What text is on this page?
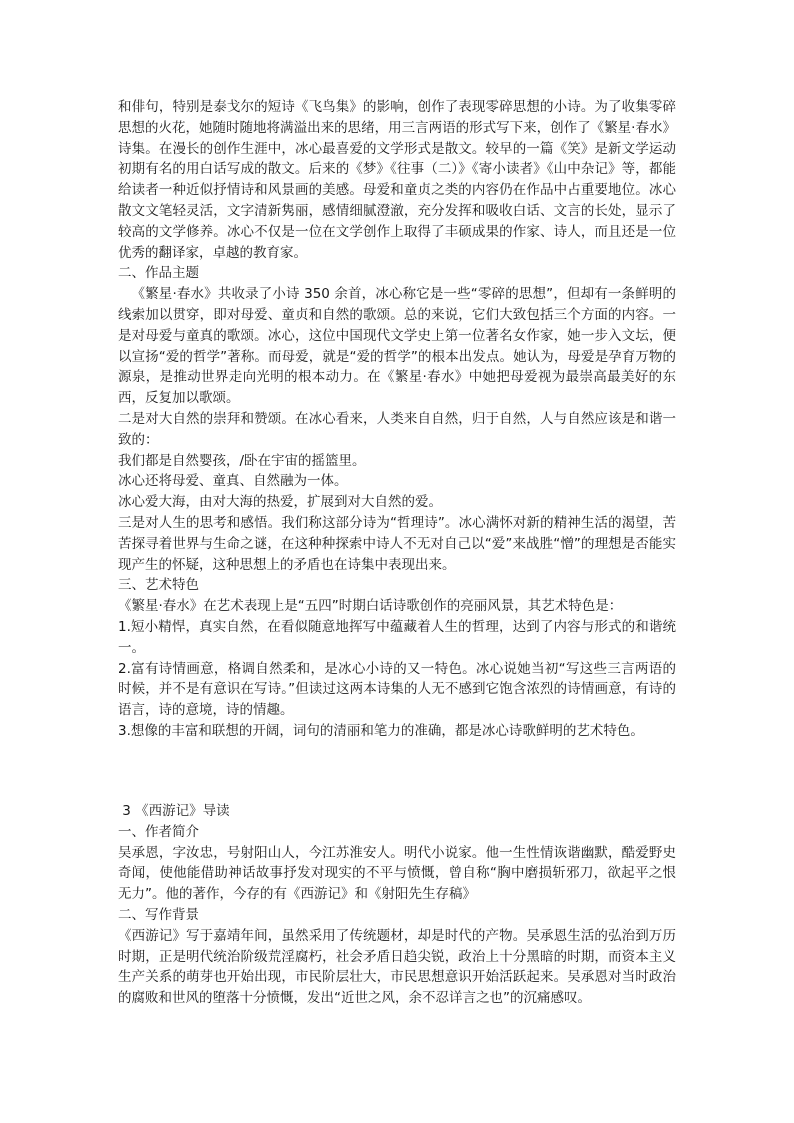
和俳句，特别是泰戈尔的短诗《飞鸟集》的影响，创作了表现零碎思想的小诗。为了收集零碎思想的火花，她随时随地将满溢出来的思绪，用三言两语的形式写下来，创作了《繁星·春水》诗集。在漫长的创作生涯中，冰心最喜爱的文学形式是散文。较早的一篇《笑》是新文学运动初期有名的用白话写成的散文。后来的《梦》《往事（二）》《寄小读者》《山中杂记》等，都能给读者一种近似抒情诗和风景画的美感。母爱和童贞之类的内容仍在作品中占重要地位。冰心散文文笔轻灵活，文字清新隽丽，感情细腻澄澈，充分发挥和吸收白话、文言的长处，显示了较高的文学修养。冰心不仅是一位在文学创作上取得了丰硕成果的作家、诗人，而且还是一位优秀的翻译家，卓越的教育家。

二、作品主题

《繁星·春水》共收录了小诗 350 余首，冰心称它是一些“零碎的思想”，但却有一条鲜明的线索加以贯穿，即对母爱、童贞和自然的歌颂。总的来说，它们大致包括三个方面的内容。一是对母爱与童真的歌颂。冰心，这位中国现代文学史上第一位著名女作家，她一步入文坛，便以宣扬“爱的哲学”著称。而母爱，就是“爱的哲学”的根本出发点。她认为，母爱是孕育万物的源泉，是推动世界走向光明的根本动力。在《繁星·春水》中她把母爱视为最崇高最美好的东西，反复加以歌颂。

二是对大自然的崇拜和赞颂。在冰心看来，人类来自自然，归于自然，人与自然应该是和谐一致的：

我们都是自然婴孩，/卧在宇宙的摇篮里。

冰心还将母爱、童真、自然融为一体。

冰心爱大海，由对大海的热爱，扩展到对大自然的爱。

三是对人生的思考和感悟。我们称这部分诗为“哲理诗”。冰心满怀对新的精神生活的渴望，苦苦探寻着世界与生命之谜，在这种种探索中诗人不无对自己以“爱”来战胜“憎”的理想是否能实现产生的怀疑，这种思想上的矛盾也在诗集中表现出来。

三、艺术特色

《繁星·春水》在艺术表现上是“五四”时期白话诗歌创作的亮丽风景，其艺术特色是：

1.短小精悍，真实自然，在看似随意地挥写中蕴藏着人生的哲理，达到了内容与形式的和谐统一。

2.富有诗情画意，格调自然柔和，是冰心小诗的又一特色。冰心说她当初“写这些三言两语的时候，并不是有意识在写诗。”但读过这两本诗集的人无不感到它饱含浓烈的诗情画意，有诗的语言，诗的意境，诗的情趣。

3.想像的丰富和联想的开阔，词句的清丽和笔力的准确，都是冰心诗歌鲜明的艺术特色。

3 《西游记》导读

一、作者简介

吴承恩，字汝忠，号射阳山人，今江苏淮安人。明代小说家。他一生性情诙谐幽默，酷爱野史奇闻，使他能借助神话故事抒发对现实的不平与愤慨，曾自称“胸中磨损斩邪刀，欲起平之恨无力”。他的著作，今存的有《西游记》和《射阳先生存稿》

二、写作背景

《西游记》写于嘉靖年间，虽然采用了传统题材，却是时代的产物。吴承恩生活的弘治到万历时期，正是明代统治阶级荒淫腐朽，社会矛盾日趋尖锐，政治上十分黑暗的时期，而资本主义生产关系的萌芽也开始出现，市民阶层壮大，市民思想意识开始活跃起来。吴承恩对当时政治的腐败和世风的堕落十分愤慨，发出“近世之风，余不忍详言之也”的沉痛感叹。
